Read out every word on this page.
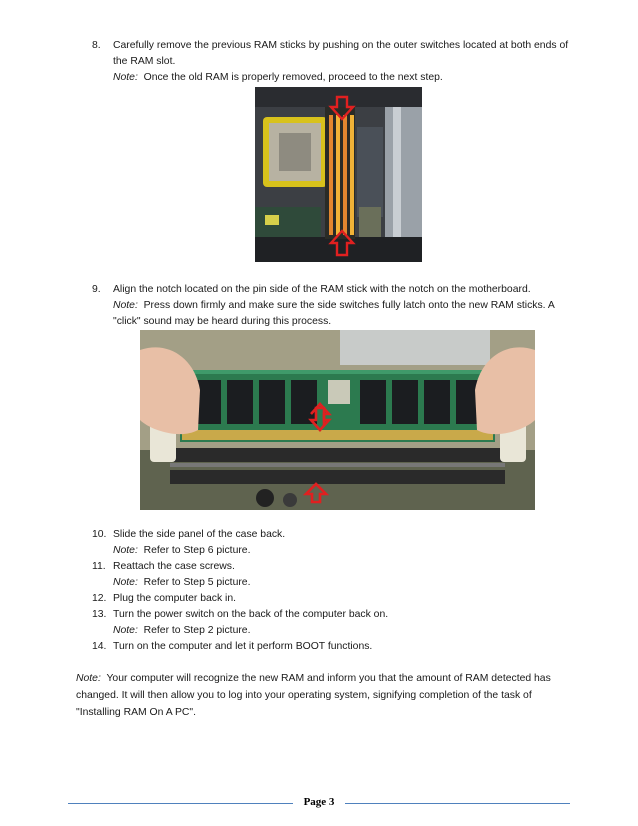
8.	Carefully remove the previous RAM sticks by pushing on the outer switches located at both ends of the RAM slot.
Note: Once the old RAM is properly removed, proceed to the next step.
9.	Align the notch located on the pin side of the RAM stick with the notch on the motherboard.
Note: Press down firmly and make sure the side switches fully latch onto the new RAM sticks. A "click" sound may be heard during this process.
10. Slide the side panel of the case back.
Note: Refer to Step 6 picture.
11. Reattach the case screws.
Note: Refer to Step 5 picture.
12. Plug the computer back in.
13. Turn the power switch on the back of the computer back on.
Note: Refer to Step 2 picture.
14. Turn on the computer and let it perform BOOT functions.
Note: Your computer will recognize the new RAM and inform you that the amount of RAM detected has changed. It will then allow you to log into your operating system, signifying completion of the task of "Installing RAM On A PC".
Page 3
